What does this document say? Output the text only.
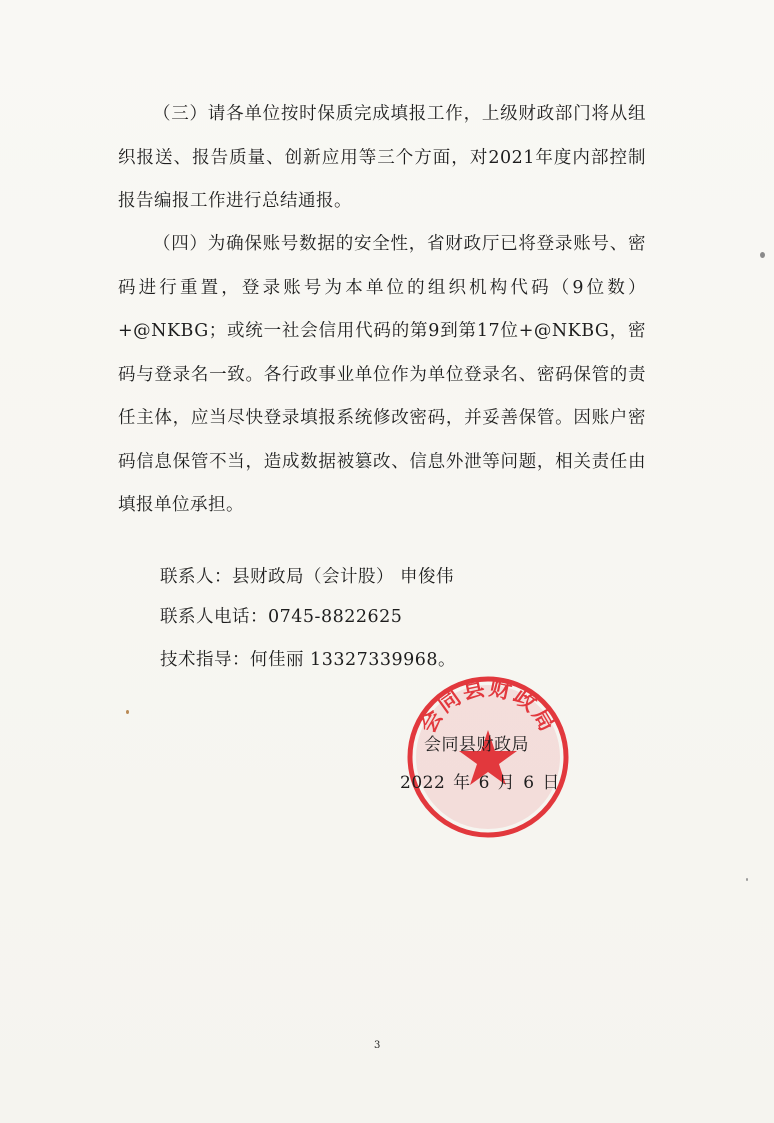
（三）请各单位按时保质完成填报工作，上级财政部门将从组织报送、报告质量、创新应用等三个方面，对2021年度内部控制报告编报工作进行总结通报。

（四）为确保账号数据的安全性，省财政厅已将登录账号、密码进行重置，登录账号为本单位的组织机构代码（9位数）+@NKBG；或统一社会信用代码的第9到第17位+@NKBG，密码与登录名一致。各行政事业单位作为单位登录名、密码保管的责任主体，应当尽快登录填报系统修改密码，并妥善保管。因账户密码信息保管不当，造成数据被篡改、信息外泄等问题，相关责任由填报单位承担。

联系人：县财政局（会计股） 申俊伟
联系人电话：0745-8822625
技术指导：何佳丽 13327339968。
会同县财政局
会同县财政局
2022 年 6 月 6 日
3
